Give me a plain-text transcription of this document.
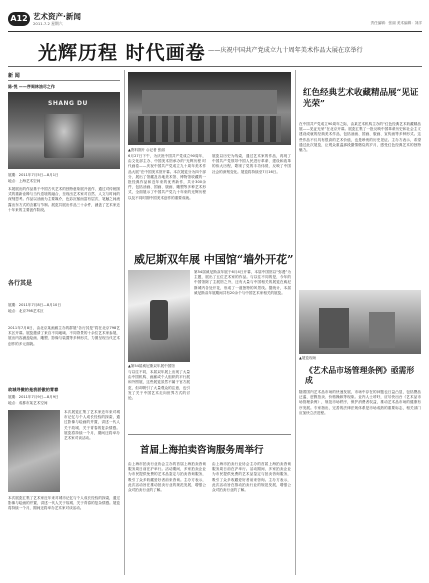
A12 艺术资产·新闻
2011.7.2 星期六	责任编辑：张丽 美术编辑：刘洋
光辉历程 时代画卷 ——庆祝中国共产党成立九十周年美术作品大展在京举行
新 闻
陈·悦 ——序周林油尽之作
SHANG DU
展期：2011年7月5日—8月1日
地点：上海艺术空间
本展展出的作品基于中国古代艺术的独特意象展开创作，通过对传统图式的重新诠释与当代语境的融合，呈现出艺术家对自然、人文与时间的深刻思考。作品以油画为主要媒介，色彩沉郁而富有层次，笔触之间流露出东方式的含蓄与节制。展览共展出作品三十余件，涵盖了艺术家近十年来的主要创作阶段。
各行其是
展期：2011年7月8日—8月10日
地点：北京798艺术区
2011年7月8日，由北京某画廊主办的群展“各行其是”将在北京798艺术区开幕。展览邀请了来自不同地域、不同背景的十余位艺术家参展，展出内容涵盖绘画、雕塑、影像与装置等多种形式，力图呈现当代艺术创作的多元面貌。
故城寻微的是我骄傲的青春
展期：2011年7月9日—8月9日
地点：成都市某艺术空间
本次展览汇集了艺术家近年来对城市记忆与个人成长经验的探索，通过影像与绘画的并置，讲述一代人关于故城、关于青春的复杂情感。展览将持续一个月，期间还将举办艺术家对谈活动。
本次展览汇集了艺术家近年来对城市记忆与个人成长经验的探索，通过影像与绘画的并置，讲述一代人关于故城、关于青春的复杂情感。展览将持续一个月，期间还将举办艺术家对谈活动。
▲资料图片 ◎记者 张丽
6月27日下午，为庆祝中国共产党成立90周年，由文化部主办、中国美术馆承办的“光辉历程 时代画卷——庆祝中国共产党成立九十周年美术作品大展”在中国美术馆开幕。本次展览分为四个部分，展出了馆藏及各地美术馆、博物馆收藏的一批经典作品和近年来的优秀新作，共计300余件，包括油画、国画、版画、雕塑等多种艺术形式，全面展示了中国共产党九十年来的光辉历程以及不同时期中国美术创作的重要成就。
展览以历史为线索，通过艺术家的作品，再现了中国共产党领导中国人民进行革命、建设和改革的伟大历程，歌颂了党的丰功伟绩，反映了中国社会的深刻变化。展览将持续至7月16日。
威尼斯双年展 中国馆“墙外开花”
▲第54届威尼斯双年展中国馆
与以往不同，本届双年展上出现了大量由中国机构、画廊或个人组织的平行展和外围展，这些展览虽然不属于官方展览，但却吸引了大量观众的注意，也引发了关于中国艺术走向世界方式的讨论。
第54届威尼斯双年展于6月4日开幕，本届中国馆以“弥漫”为主题，展出了五位艺术家的作品。与以往不同的是，今年的中国馆除了主展馆之外，还有大量与中国相关的展览在威尼斯城内各处开花，形成了一道独特的风景线。据统计，本届威尼斯双年展期间共有20余个与中国艺术家相关的展览。
首届上海拍卖咨询服务周举行
由上海市拍卖行业协会主办的首届上海拍卖咨询服务周日前在沪举行。活动期间，多家拍卖企业为市民提供免费的艺术品鉴定与拍卖咨询服务，吸引了众多收藏爱好者前来咨询。主办方表示，此次活动旨在推动拍卖行业的规范发展，增强公众对拍卖行业的了解。
由上海市拍卖行业协会主办的首届上海拍卖咨询服务周日前在沪举行。活动期间，多家拍卖企业为市民提供免费的艺术品鉴定与拍卖咨询服务，吸引了众多收藏爱好者前来咨询。主办方表示，此次活动旨在推动拍卖行业的规范发展，增强公众对拍卖行业的了解。
红色经典艺术收藏精品展“见证光荣”
在中国共产党成立90周年之际，由某艺术机构主办的“红色经典艺术收藏精品展——见证光荣”在北京开幕。展览汇集了一批反映中国革命历史和社会主义建设成就的经典美术作品，包括油画、国画、版画、宣传画等多种形式。这些作品不仅具有很高的艺术价值，也是珍贵的历史见证。主办方表示，希望通过此次展览，让观众重温那段激情燃烧的岁月，感受红色经典艺术的独特魅力。
▲展览现场
《艺术品市场管理条例》亟需形成
随着国内艺术品市场的快速发展，市场中存在的问题也日益凸显，包括赝品泛滥、虚假拍卖、价格操纵等现象。业内人士呼吁，应尽快出台《艺术品市场管理条例》，规范市场秩序，保护消费者权益，推动艺术品市场的健康有序发展。专家指出，完善的法律法规体系是市场成熟的重要标志，相关部门应加快立法进程。
